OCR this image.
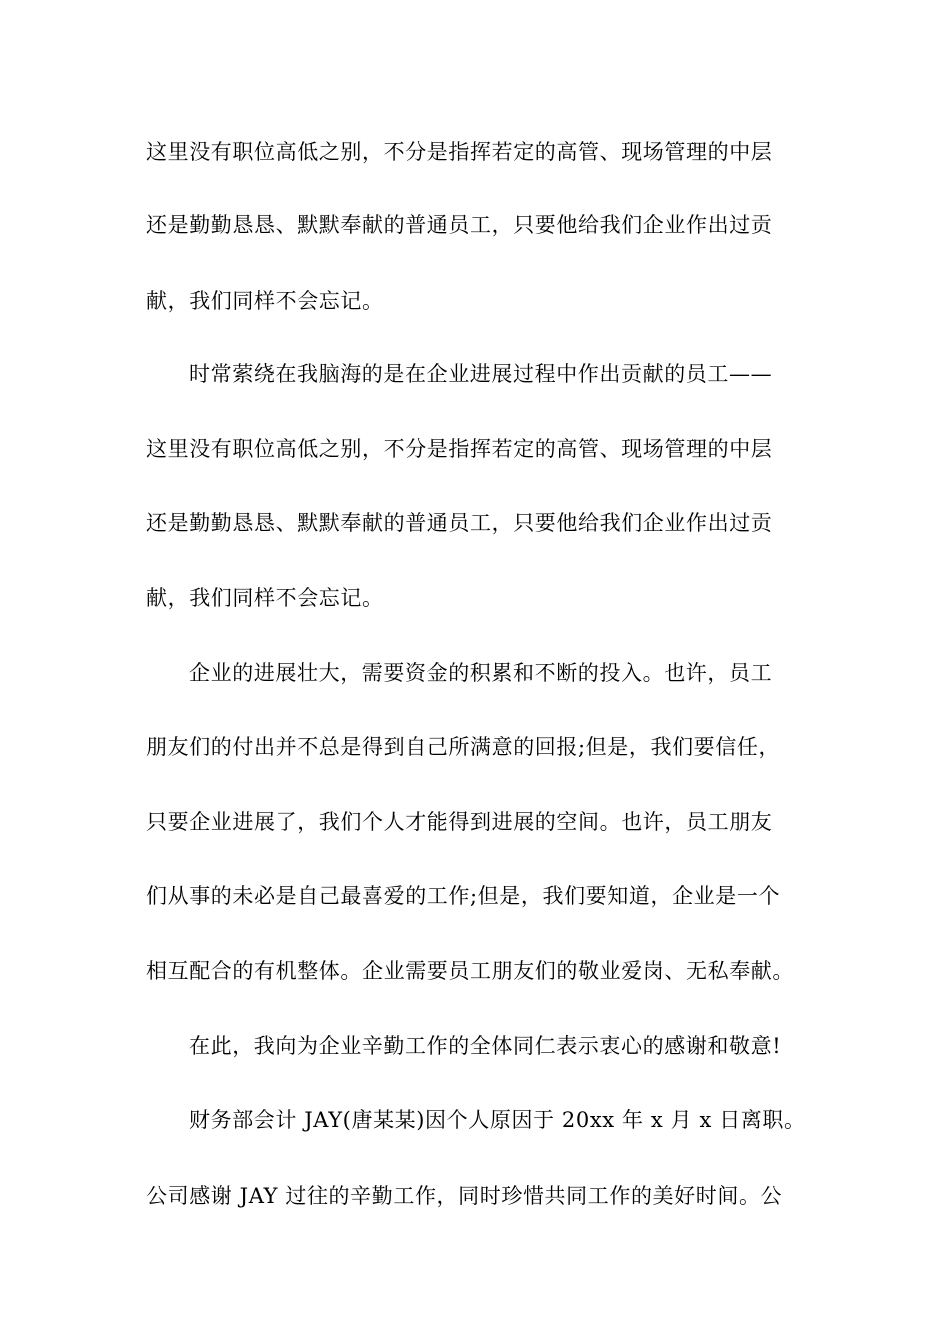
这里没有职位高低之别，不分是指挥若定的高管、现场管理的中层
还是勤勤恳恳、默默奉献的普通员工，只要他给我们企业作出过贡
献，我们同样不会忘记。
时常萦绕在我脑海的是在企业进展过程中作出贡献的员工——
这里没有职位高低之别，不分是指挥若定的高管、现场管理的中层
还是勤勤恳恳、默默奉献的普通员工，只要他给我们企业作出过贡
献，我们同样不会忘记。
企业的进展壮大，需要资金的积累和不断的投入。也许，员工
朋友们的付出并不总是得到自己所满意的回报;但是，我们要信任，
只要企业进展了，我们个人才能得到进展的空间。也许，员工朋友
们从事的未必是自己最喜爱的工作;但是，我们要知道，企业是一个
相互配合的有机整体。企业需要员工朋友们的敬业爱岗、无私奉献。
在此，我向为企业辛勤工作的全体同仁表示衷心的感谢和敬意!
财务部会计 JAY(唐某某)因个人原因于 20xx 年 x 月 x 日离职。
公司感谢 JAY 过往的辛勤工作，同时珍惜共同工作的美好时间。公
